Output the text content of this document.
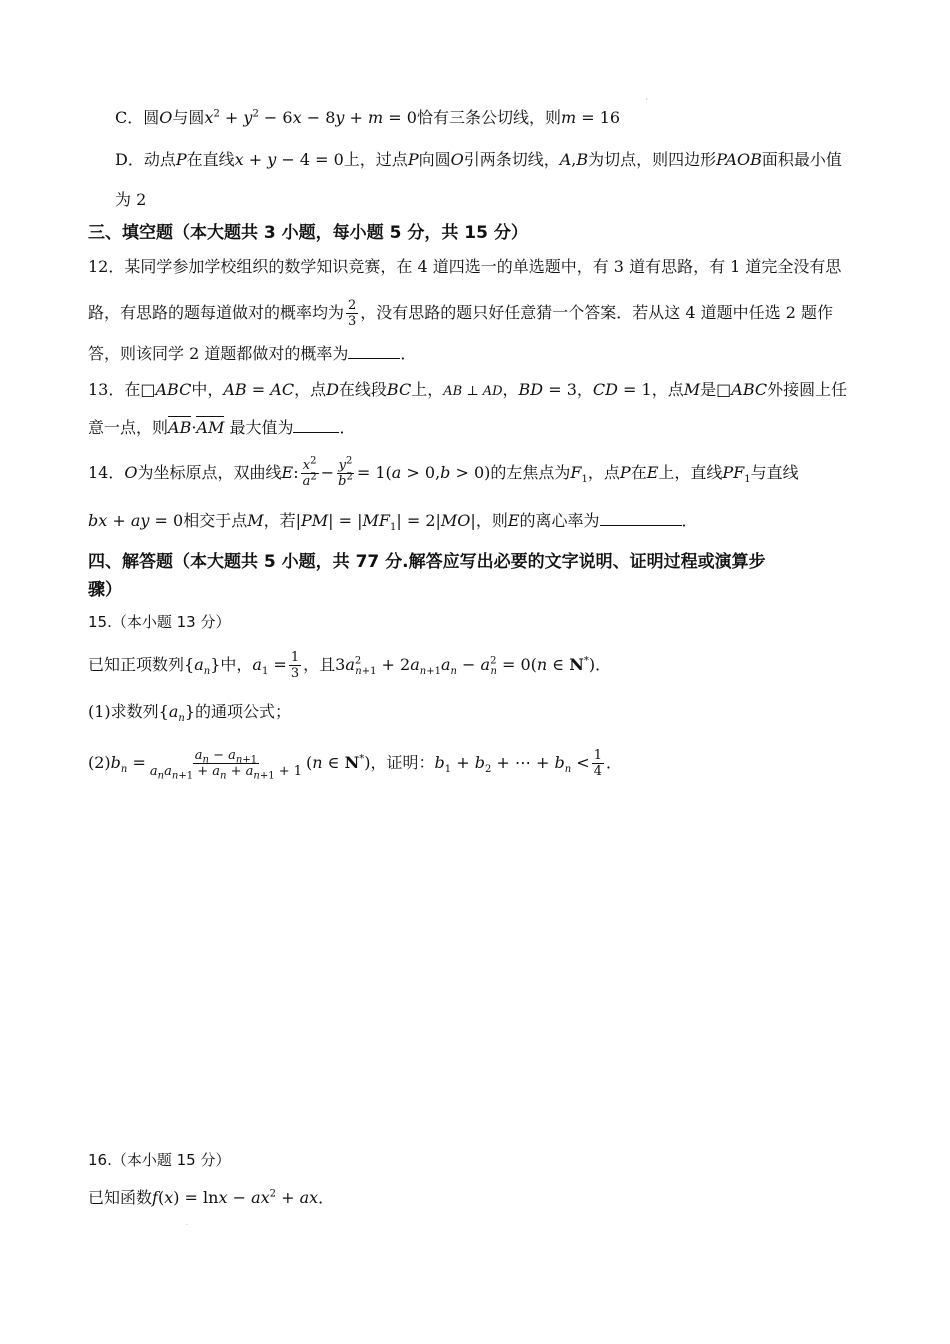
C．圆O与圆$x^2 + y^2 - 6x - 8y + m = 0$恰有三条公切线，则m = 16
'
D．动点P在直线x + y − 4 = 0上，过点P向圆O引两条切线，A,B为切点，则四边形PAOB面积最小值
为 2
三、填空题（本大题共 3 小题，每小题 5 分，共 15 分）
12．某同学参加学校组织的数学知识竞赛，在 4 道四选一的单选题中，有 3 道有思路，有 1 道完全没有思
路，有思路的题每道做对的概率均为 $\frac{2}{3}$ ，没有思路的题只好任意猜一个答案．若从这 4 道题中任选 2 题作
答，则该同学 2 道题都做对的概率为	．
13．在□ABC中，AB = AC，点D在线段BC上，AB ⊥ AD，BD = 3，CD = 1，点M是□ABC外接圆上任
意一点，则AB·AM 最大值为	．
14．O为坐标原点，双曲线E: $\frac{x^2}{a^2} - \frac{y^2}{b^2} = 1(a > 0,b > 0)$的左焦点为$F_1$，点P在E上，直线$PF_1$与直线
bx + ay = 0相交于点M，若$|PM| = |MF_1| = 2|MO|$，则E的离心率为	．
四、解答题（本大题共 5 小题，共 77 分.解答应写出必要的文字说明、证明过程或演算步
骤）
15.（本小题 13 分）
已知正项数列$\{a_n\}$中，$a_1 = \frac{1}{3}$ ，且$3a^2_{n+1} + 2a_{n+1}a_n - a^2_n = 0(n$ ∈ N*)．
(1)求数列$\{a_n\}$的通项公式；
$(2)b_n = \frac{a_n - a_{n+1}}{a_na_{n+1} + a_n + a_{n+1} + 1} (n$ ∈ N*)，证明：$b_1 + b_2$ + ⋯ + $b_n < \frac{1}{4}$ ．
16.（本小题 15 分）
已知函数$f(x) = \ln x - ax^2$ + ax．
·
